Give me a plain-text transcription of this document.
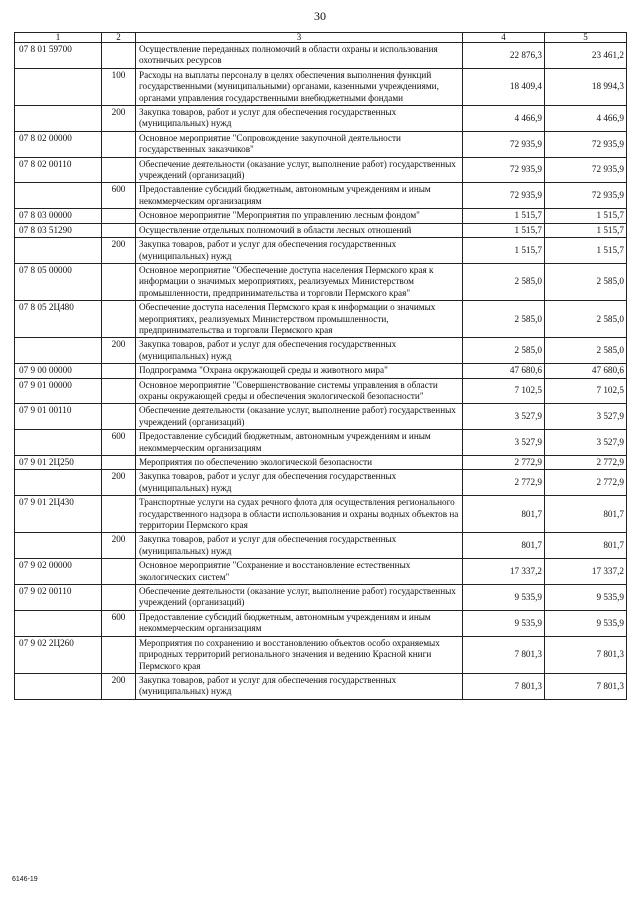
30
1	2	3	4	5
07 8 01 59700		Осуществление переданных полномочий в области охраны и использования охотничьих ресурсов	22 876,3	23 461,2
	100	Расходы на выплаты персоналу в целях обеспечения выполнения функций государственными (муниципальными) органами, казенными учреждениями, органами управления государственными внебюджетными фондами	18 409,4	18 994,3
	200	Закупка товаров, работ и услуг для обеспечения государственных (муниципальных) нужд	4 466,9	4 466,9
07 8 02 00000		Основное мероприятие "Сопровождение закупочной деятельности государственных заказчиков"	72 935,9	72 935,9
07 8 02 00110		Обеспечение деятельности (оказание услуг, выполнение работ) государственных учреждений (организаций)	72 935,9	72 935,9
	600	Предоставление субсидий бюджетным, автономным учреждениям и иным некоммерческим организациям	72 935,9	72 935,9
07 8 03 00000		Основное мероприятие "Мероприятия по управлению лесным фондом"	1 515,7	1 515,7
07 8 03 51290		Осуществление отдельных полномочий в области лесных отношений	1 515,7	1 515,7
	200	Закупка товаров, работ и услуг для обеспечения государственных (муниципальных) нужд	1 515,7	1 515,7
07 8 05 00000		Основное мероприятие "Обеспечение доступа населения Пермского края к информации о значимых мероприятиях, реализуемых Министерством промышленности, предпринимательства и торговли Пермского края"	2 585,0	2 585,0
07 8 05 2Ц480		Обеспечение доступа населения Пермского края к информации о значимых мероприятиях, реализуемых Министерством промышленности, предпринимательства и торговли Пермского края	2 585,0	2 585,0
	200	Закупка товаров, работ и услуг для обеспечения государственных (муниципальных) нужд	2 585,0	2 585,0
07 9 00 00000		Подпрограмма "Охрана окружающей среды и животного мира"	47 680,6	47 680,6
07 9 01 00000		Основное мероприятие "Совершенствование системы управления в области охраны окружающей среды и обеспечения экологической безопасности"	7 102,5	7 102,5
07 9 01 00110		Обеспечение деятельности (оказание услуг, выполнение работ) государственных учреждений (организаций)	3 527,9	3 527,9
	600	Предоставление субсидий бюджетным, автономным учреждениям и иным некоммерческим организациям	3 527,9	3 527,9
07 9 01 2Ц250		Мероприятия по обеспечению экологической безопасности	2 772,9	2 772,9
	200	Закупка товаров, работ и услуг для обеспечения государственных (муниципальных) нужд	2 772,9	2 772,9
07 9 01 2Ц430		Транспортные услуги на судах речного флота для осуществления регионального государственного надзора в области использования и охраны водных объектов на территории Пермского края	801,7	801,7
	200	Закупка товаров, работ и услуг для обеспечения государственных (муниципальных) нужд	801,7	801,7
07 9 02 00000		Основное мероприятие "Сохранение и восстановление естественных экологических систем"	17 337,2	17 337,2
07 9 02 00110		Обеспечение деятельности (оказание услуг, выполнение работ) государственных учреждений (организаций)	9 535,9	9 535,9
	600	Предоставление субсидий бюджетным, автономным учреждениям и иным некоммерческим организациям	9 535,9	9 535,9
07 9 02 2Ц260		Мероприятия по сохранению и восстановлению объектов особо охраняемых природных территорий регионального значения и ведению Красной книги Пермского края	7 801,3	7 801,3
	200	Закупка товаров, работ и услуг для обеспечения государственных (муниципальных) нужд	7 801,3	7 801,3
6146-19
